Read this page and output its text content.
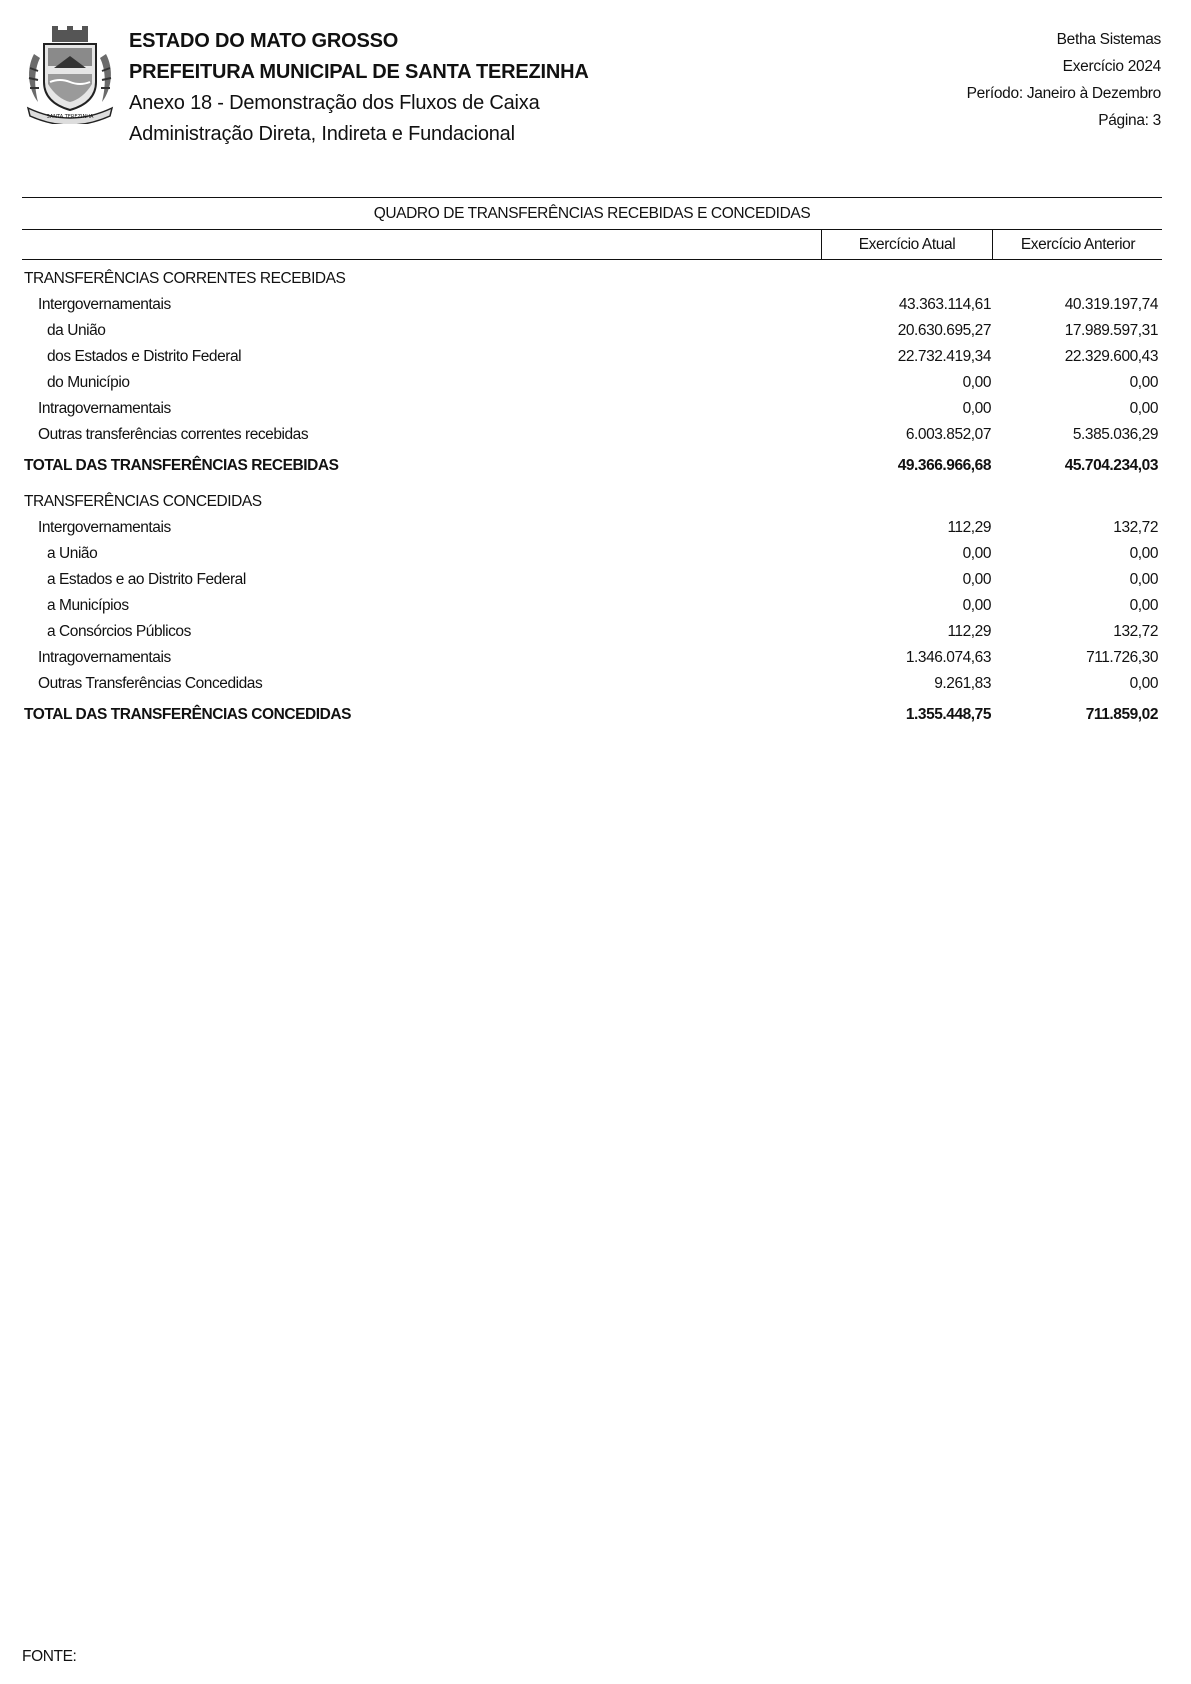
SANTA TEREZINHA
ESTADO DO MATO GROSSO
PREFEITURA MUNICIPAL DE SANTA TEREZINHA
Anexo 18 - Demonstração dos Fluxos de Caixa
Administração Direta, Indireta e Fundacional
Betha Sistemas
Exercício 2024
Período: Janeiro à Dezembro
Página: 3
QUADRO DE TRANSFERÊNCIAS RECEBIDAS E CONCEDIDAS
Exercício Atual	Exercício Anterior
TRANSFERÊNCIAS CORRENTES RECEBIDAS
Intergovernamentais	43.363.114,61	40.319.197,74
da União	20.630.695,27	17.989.597,31
dos Estados e Distrito Federal	22.732.419,34	22.329.600,43
do Município	0,00	0,00
Intragovernamentais	0,00	0,00
Outras transferências correntes recebidas	6.003.852,07	5.385.036,29
TOTAL DAS TRANSFERÊNCIAS RECEBIDAS	49.366.966,68	45.704.234,03
TRANSFERÊNCIAS CONCEDIDAS
Intergovernamentais	112,29	132,72
a União	0,00	0,00
a Estados e ao Distrito Federal	0,00	0,00
a Municípios	0,00	0,00
a Consórcios Públicos	112,29	132,72
Intragovernamentais	1.346.074,63	711.726,30
Outras Transferências Concedidas	9.261,83	0,00
TOTAL DAS TRANSFERÊNCIAS CONCEDIDAS	1.355.448,75	711.859,02
FONTE:
